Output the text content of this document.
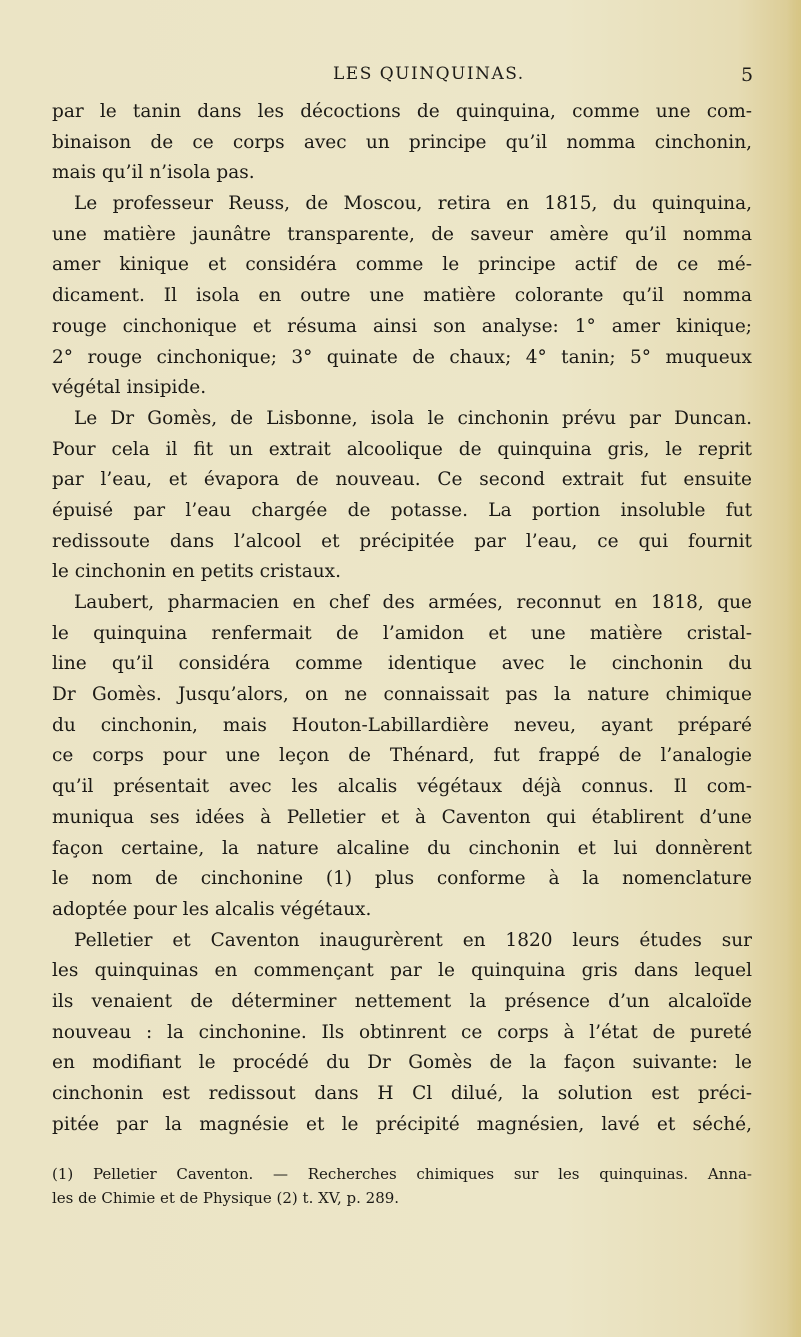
LES QUINQUINAS.	5
par le tanin dans les décoctions de quinquina, comme une com-
binaison de ce corps avec un principe qu’il nomma cinchonin,
mais qu’il n’isola pas.
Le professeur Reuss, de Moscou, retira en 1815, du quinquina,
une matière jaunâtre transparente, de saveur amère qu’il nomma
amer kinique et considéra comme le principe actif de ce mé-
dicament. Il isola en outre une matière colorante qu’il nomma
rouge cinchonique et résuma ainsi son analyse: 1° amer kinique;
2° rouge cinchonique; 3° quinate de chaux; 4° tanin; 5° muqueux
végétal insipide.
Le Dr Gomès, de Lisbonne, isola le cinchonin prévu par Duncan.
Pour cela il fit un extrait alcoolique de quinquina gris, le reprit
par l’eau, et évapora de nouveau. Ce second extrait fut ensuite
épuisé par l’eau chargée de potasse. La portion insoluble fut
redissoute dans l’alcool et précipitée par l’eau, ce qui fournit
le cinchonin en petits cristaux.
Laubert, pharmacien en chef des armées, reconnut en 1818, que
le quinquina renfermait de l’amidon et une matière cristal-
line qu’il considéra comme identique avec le cinchonin du
Dr Gomès. Jusqu’alors, on ne connaissait pas la nature chimique
du cinchonin, mais Houton-Labillardière neveu, ayant préparé
ce corps pour une leçon de Thénard, fut frappé de l’analogie
qu’il présentait avec les alcalis végétaux déjà connus. Il com-
muniqua ses idées à Pelletier et à Caventon qui établirent d’une
façon certaine, la nature alcaline du cinchonin et lui donnèrent
le nom de cinchonine (1) plus conforme à la nomenclature
adoptée pour les alcalis végétaux.
Pelletier et Caventon inaugurèrent en 1820 leurs études sur
les quinquinas en commençant par le quinquina gris dans lequel
ils venaient de déterminer nettement la présence d’un alcaloïde
nouveau : la cinchonine. Ils obtinrent ce corps à l’état de pureté
en modifiant le procédé du Dr Gomès de la façon suivante: le
cinchonin est redissout dans H Cl dilué, la solution est préci-
pitée par la magnésie et le précipité magnésien, lavé et séché,
(1) Pelletier Caventon. — Recherches chimiques sur les quinquinas. Anna-
les de Chimie et de Physique (2) t. XV, p. 289.
